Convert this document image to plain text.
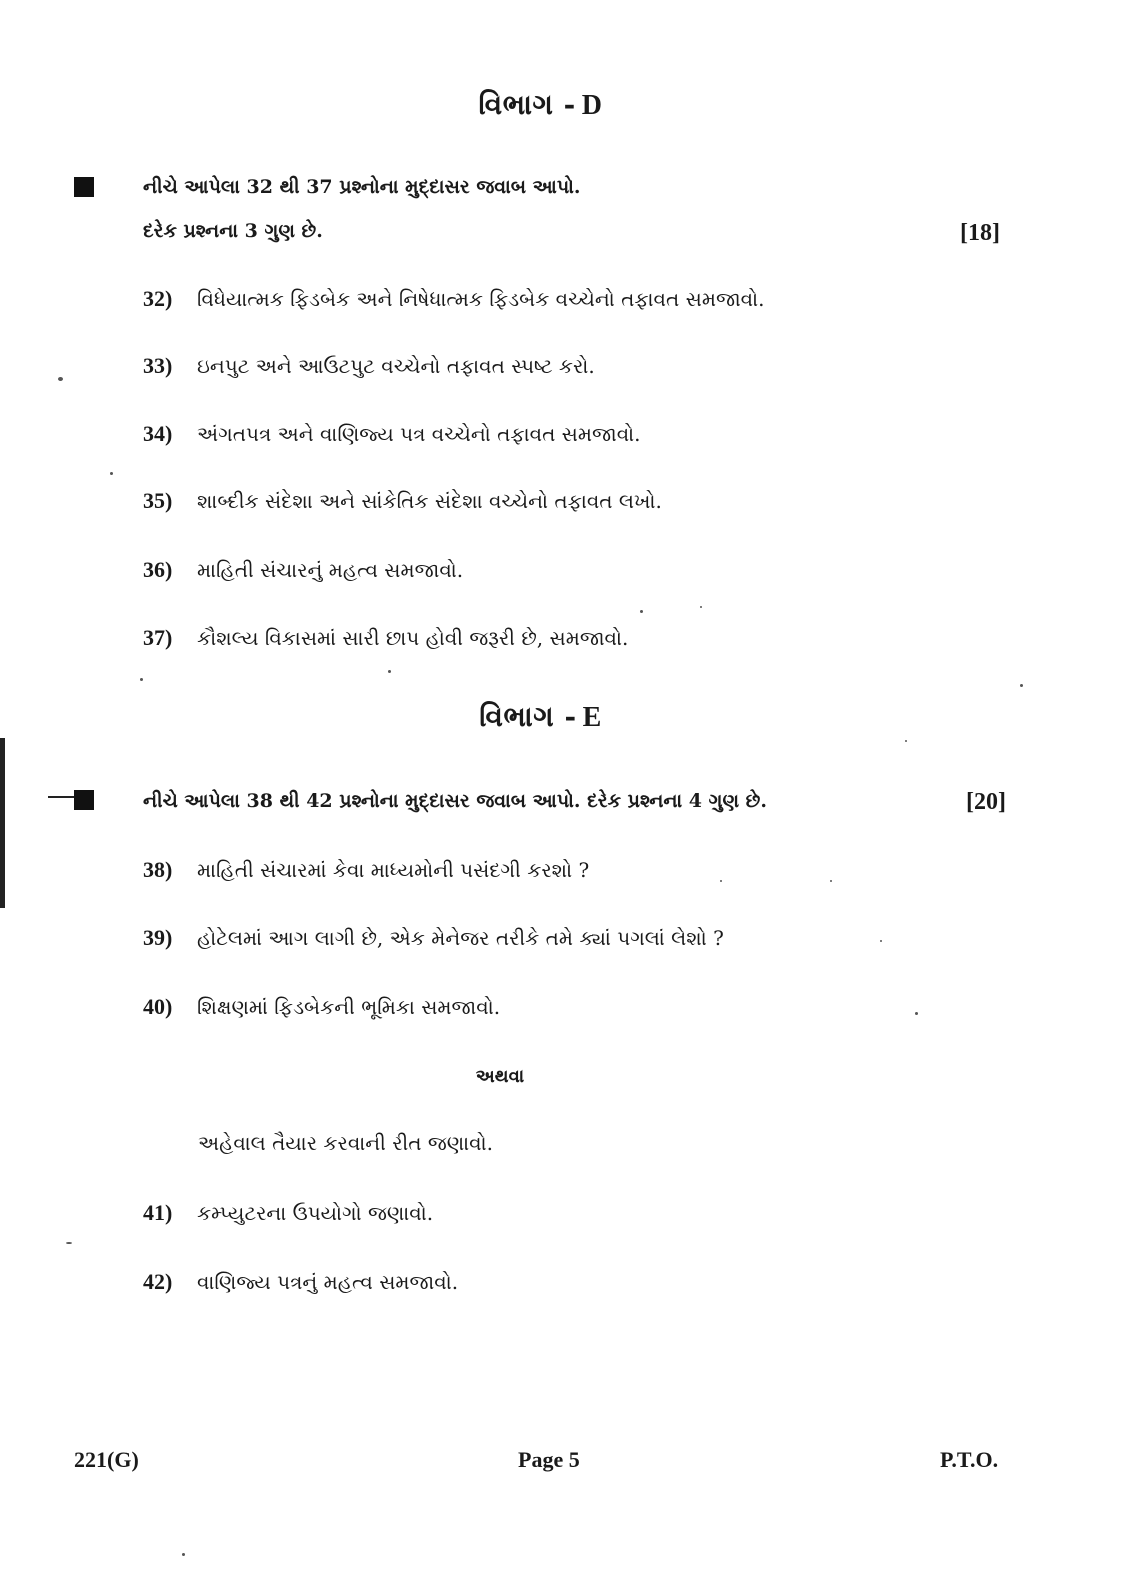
વિભાગ - D
નીચે આપેલા 32 થી 37 પ્રશ્નોના મુદ્દાસર જવાબ આપો.
દરેક પ્રશ્નના 3 ગુણ છે.	[18]
32) વિધેયાત્મક ફિડબેક અને નિષેધાત્મક ફિડબેક વચ્ચેનો તફાવત સમજાવો.
33) ઇનપુટ અને આઉટપુટ વચ્ચેનો તફાવત સ્પષ્ટ કરો.
34) અંગતપત્ર અને વાણિજ્ય પત્ર વચ્ચેનો તફાવત સમજાવો.
35) શાબ્દીક સંદેશા અને સાંકેતિક સંદેશા વચ્ચેનો તફાવત લખો.
36) માહિતી સંચારનું મહત્વ સમજાવો.
37) કૌશલ્ય વિકાસમાં સારી છાપ હોવી જરૂરી છે, સમજાવો.
વિભાગ - E
નીચે આપેલા 38 થી 42 પ્રશ્નોના મુદ્દાસર જવાબ આપો. દરેક પ્રશ્નના 4 ગુણ છે.	[20]
38) માહિતી સંચારમાં કેવા માધ્યમોની પસંદગી કરશો ?
39) હોટેલમાં આગ લાગી છે, એક મેનેજર તરીકે તમે ક્યાં પગલાં લેશો ?
40) શિક્ષણમાં ફિડબેકની ભૂમિકા સમજાવો.
અથવા
અહેવાલ તૈયાર કરવાની રીત જણાવો.
41) કમ્પ્યુટરના ઉપયોગો જણાવો.
42) વાણિજ્ય પત્રનું મહત્વ સમજાવો.
221(G)	Page 5	P.T.O.
